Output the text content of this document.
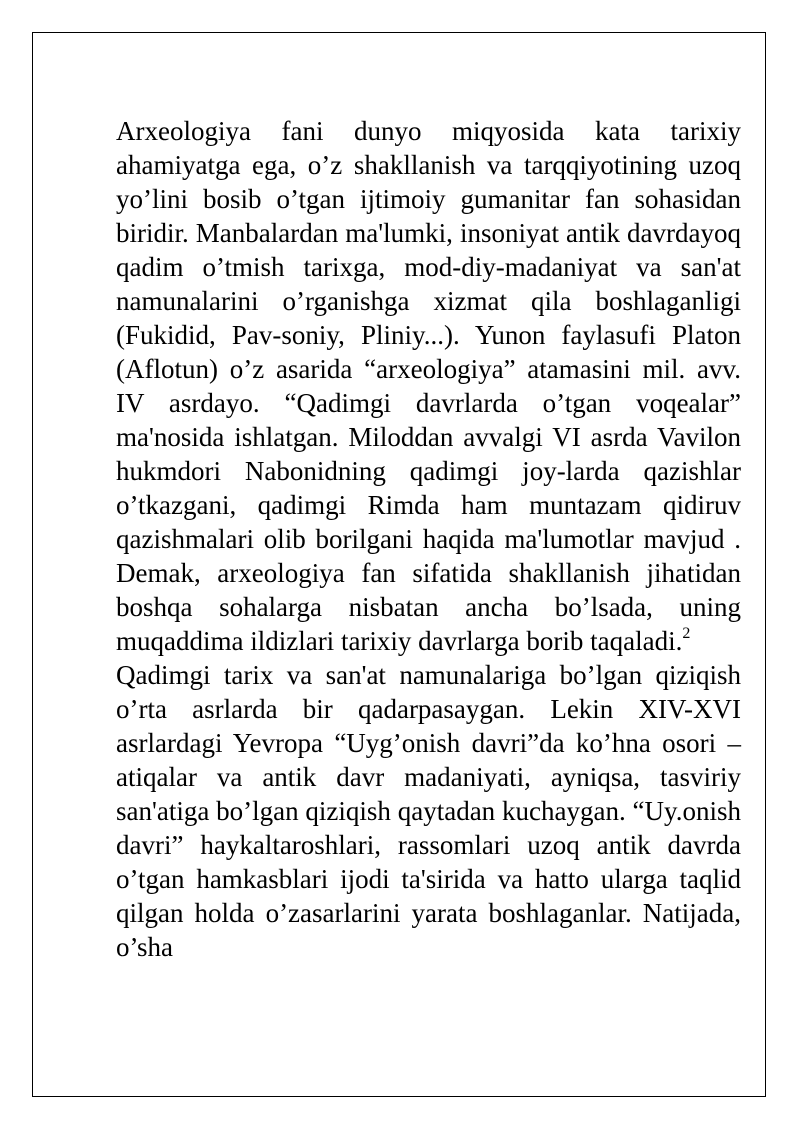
Arxeologiya fani dunyo miqyosida kata tarixiy ahamiyatga ega, o’z shakllanish va tarqqiyotining uzoq yo’lini bosib o’tgan ijtimoiy gumanitar fan sohasidan biridir. Manbalardan ma'lumki, insoniyat antik davrdayoq qadim o’tmish tarixga, mod-diy-madaniyat va san'at namunalarini o’rganishga xizmat qila boshlaganligi (Fukidid, Pav-soniy, Pliniy...). Yunon faylasufi Platon (Aflotun) o’z asarida “arxeologiya” atamasini mil. avv. IV asrdayo. “Qadimgi davrlarda o’tgan voqealar” ma'nosida ishlatgan. Miloddan avvalgi VI asrda Vavilon hukmdori Nabonidning qadimgi joy-larda qazishlar o’tkazgani, qadimgi Rimda ham muntazam qidiruv qazishmalari olib borilgani haqida ma'lumotlar mavjud . Demak, arxeologiya fan sifatida shakllanish jihatidan boshqa sohalarga nisbatan ancha bo’lsada, uning muqaddima ildizlari tarixiy davrlarga borib taqaladi.$^2$

Qadimgi tarix va san'at namunalariga bo’lgan qiziqish o’rta asrlarda bir qadarpasaygan. Lekin XIV-XVI asrlardagi Yevropa “Uyg’onish davri”da ko’hna osori –atiqalar va antik davr madaniyati, ayniqsa, tasviriy san'atiga bo’lgan qiziqish qaytadan kuchaygan. “Uy.onish davri” haykaltaroshlari, rassomlari uzoq antik davrda o’tgan hamkasblari ijodi ta'sirida va hatto ularga taqlid qilgan holda o’zasarlarini yarata boshlaganlar. Natijada, o’sha
